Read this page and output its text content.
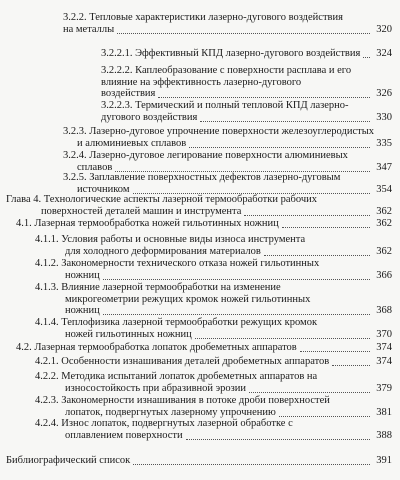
3.2.2. Тепловые характеристики лазерно-дугового воздействия
на металлы	320
3.2.2.1. Эффективный КПД лазерно-дугового воздействия	324
3.2.2.2. Каплеобразование с поверхности расплава и его
влияние на эффективность лазерно-дугового
воздействия	326
3.2.2.3. Термический и полный тепловой КПД лазерно-
дугового воздействия	330
3.2.3. Лазерно-дуговое упрочнение поверхности железоуглеродистых
и алюминиевых сплавов	335
3.2.4. Лазерно-дуговое легирование поверхности алюминиевых
сплавов	347
3.2.5. Заплавление поверхностных дефектов лазерно-дуговым
источником	354
Глава 4. Технологические аспекты лазерной термообработки рабочих
поверхностей деталей машин и инструмента	362
4.1. Лазерная термообработка ножей гильотинных ножниц	362
4.1.1. Условия работы и основные виды износа инструмента
для холодного деформирования материалов	362
4.1.2. Закономерности технического отказа ножей гильотинных
ножниц	366
4.1.3. Влияние лазерной термообработки на изменение
микрогеометрии режущих кромок ножей гильотинных
ножниц	368
4.1.4. Теплофизика лазерной термообработки режущих кромок
ножей гильотинных ножниц	370
4.2. Лазерная термообработка лопаток дробеметных аппаратов	374
4.2.1. Особенности изнашивания деталей дробеметных аппаратов	374
4.2.2. Методика испытаний лопаток дробеметных аппаратов на
износостойкость при абразивной эрозии	379
4.2.3. Закономерности изнашивания в потоке дроби поверхностей
лопаток, подвергнутых лазерному упрочнению	381
4.2.4. Износ лопаток, подвергнутых лазерной обработке с
оплавлением поверхности	388
Библиографический список	391
